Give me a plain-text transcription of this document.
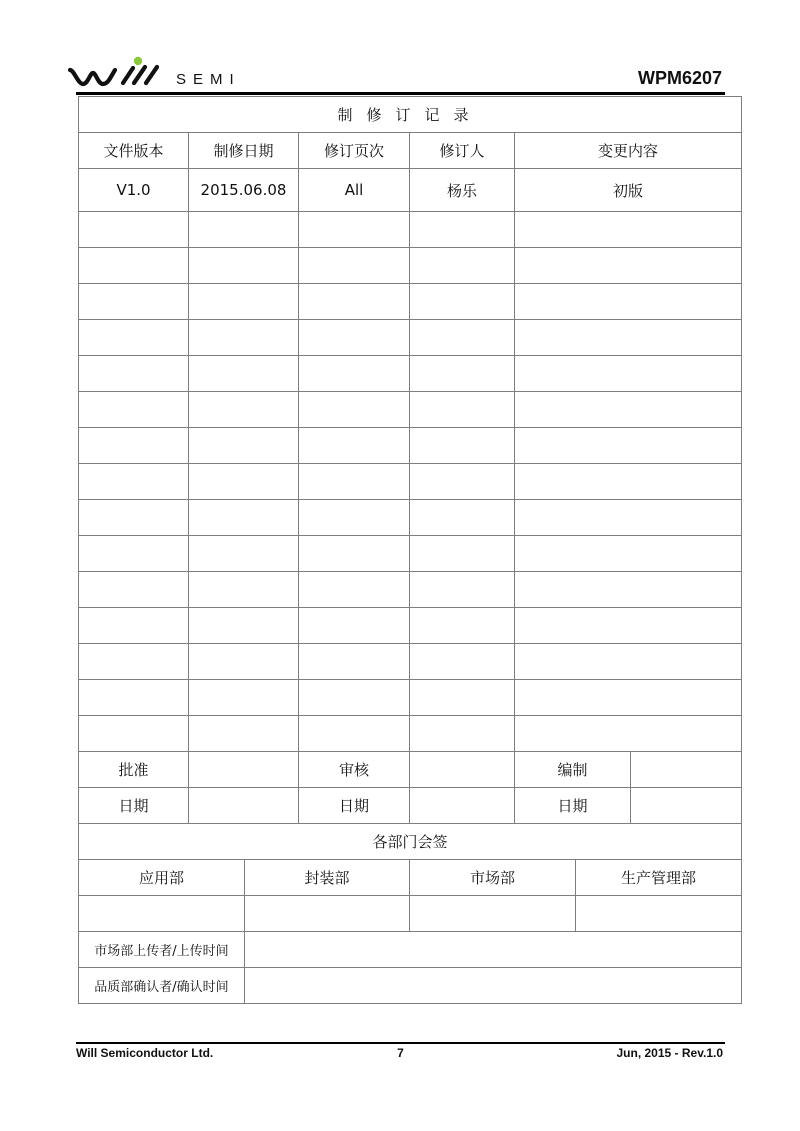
SEMI	WPM6207
制修订记录							
文件版本	制修日期		修订页次	修订人	变更内容		
V1.0	2015.06.08		All	杨乐	初版		

批准			审核		编制		
日期			日期		日期		
各部门会签							
应用部		封装部		市场部		生产管理部	

市场部上传者/上传时间							
品质部确认者/确认时间							
Will Semiconductor Ltd.	7	Jun, 2015 - Rev.1.0
